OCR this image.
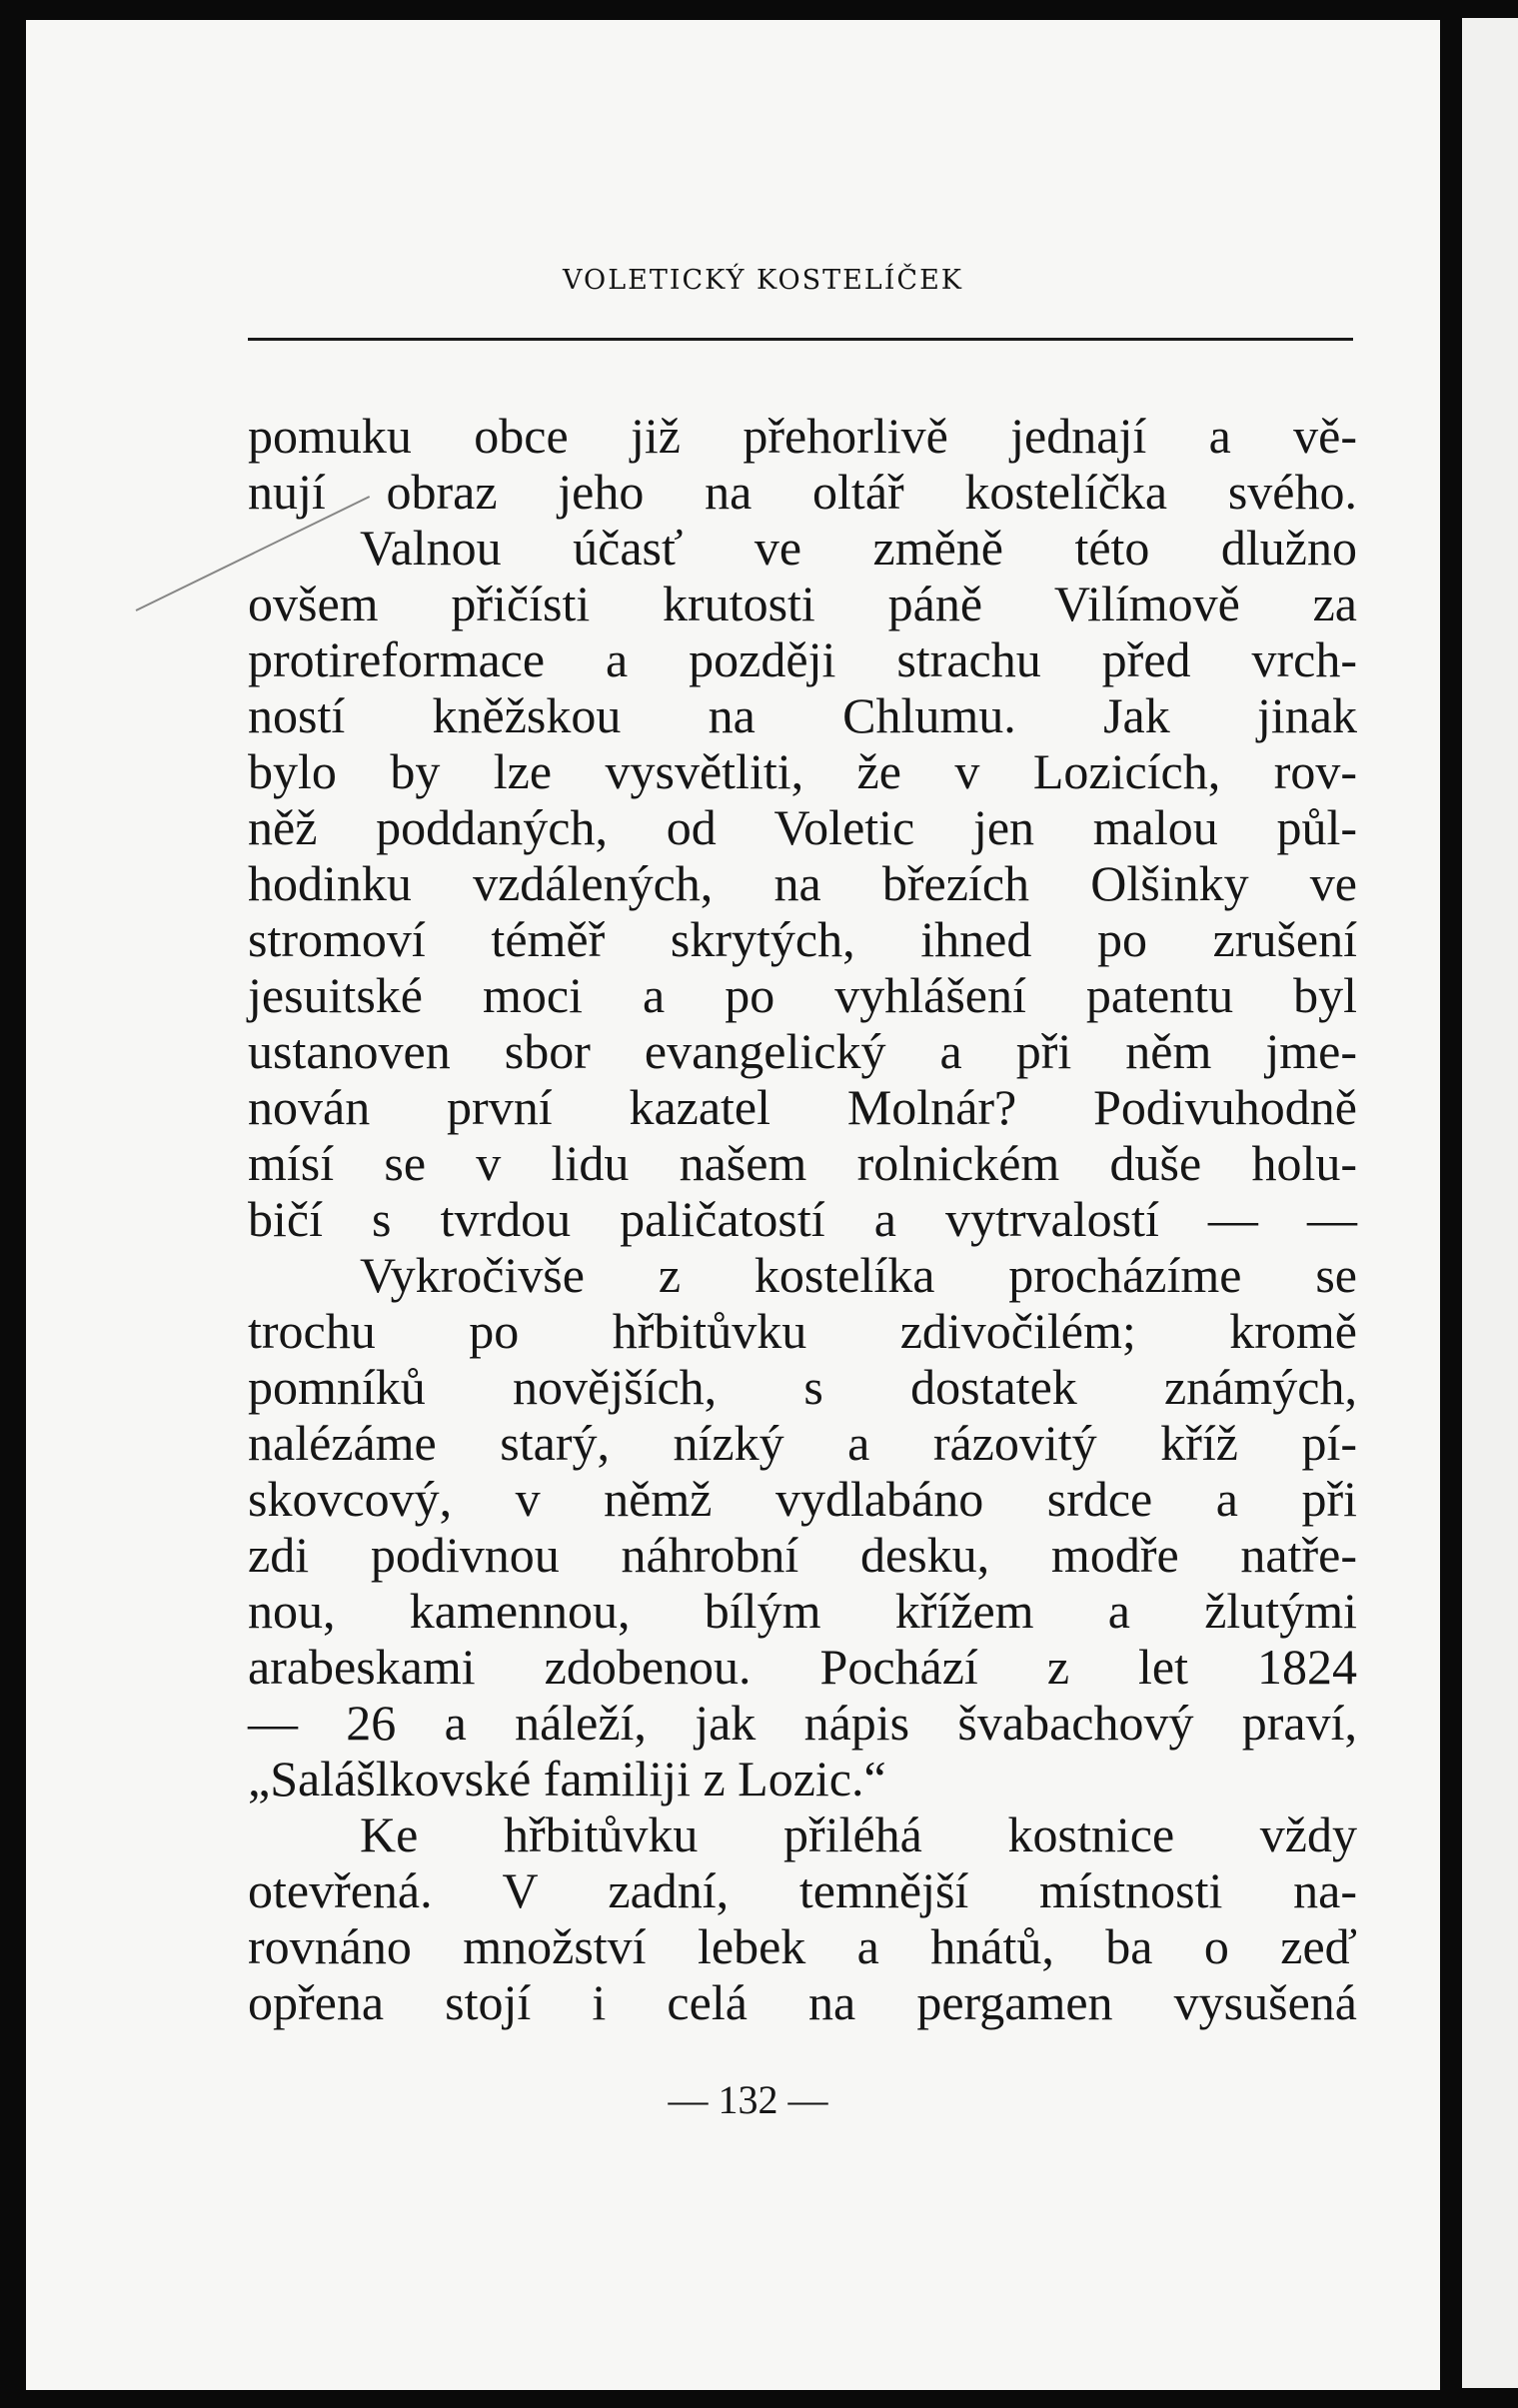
VOLETICKÝ KOSTELÍČEK
pomuku obce již přehorlivě jednají a vě-
nují obraz jeho na oltář kostelíčka svého.
Valnou účasť ve změně této dlužno
ovšem přičísti krutosti páně Vilímově za
protireformace a později strachu před vrch-
ností kněžskou na Chlumu. Jak jinak
bylo by lze vysvětliti, že v Lozicích, rov-
něž poddaných, od Voletic jen malou půl-
hodinku vzdálených, na březích Olšinky ve
stromoví téměř skrytých, ihned po zrušení
jesuitské moci a po vyhlášení patentu byl
ustanoven sbor evangelický a při něm jme-
nován první kazatel Molnár? Podivuhodně
mísí se v lidu našem rolnickém duše holu-
bičí s tvrdou paličatostí a vytrvalostí — —
Vykročivše z kostelíka procházíme se
trochu po hřbitůvku zdivočilém; kromě
pomníků novějších, s dostatek známých,
nalézáme starý, nízký a rázovitý kříž pí-
skovcový, v němž vydlabáno srdce a při
zdi podivnou náhrobní desku, modře natře-
nou, kamennou, bílým křížem a žlutými
arabeskami zdobenou. Pochází z let 1824
— 26 a náleží, jak nápis švabachový praví,
„Salášlkovské familiji z Lozic.“
Ke hřbitůvku přiléhá kostnice vždy
otevřená. V zadní, temnější místnosti na-
rovnáno množství lebek a hnátů, ba o zeď
opřena stojí i celá na pergamen vysušená
— 132 —
